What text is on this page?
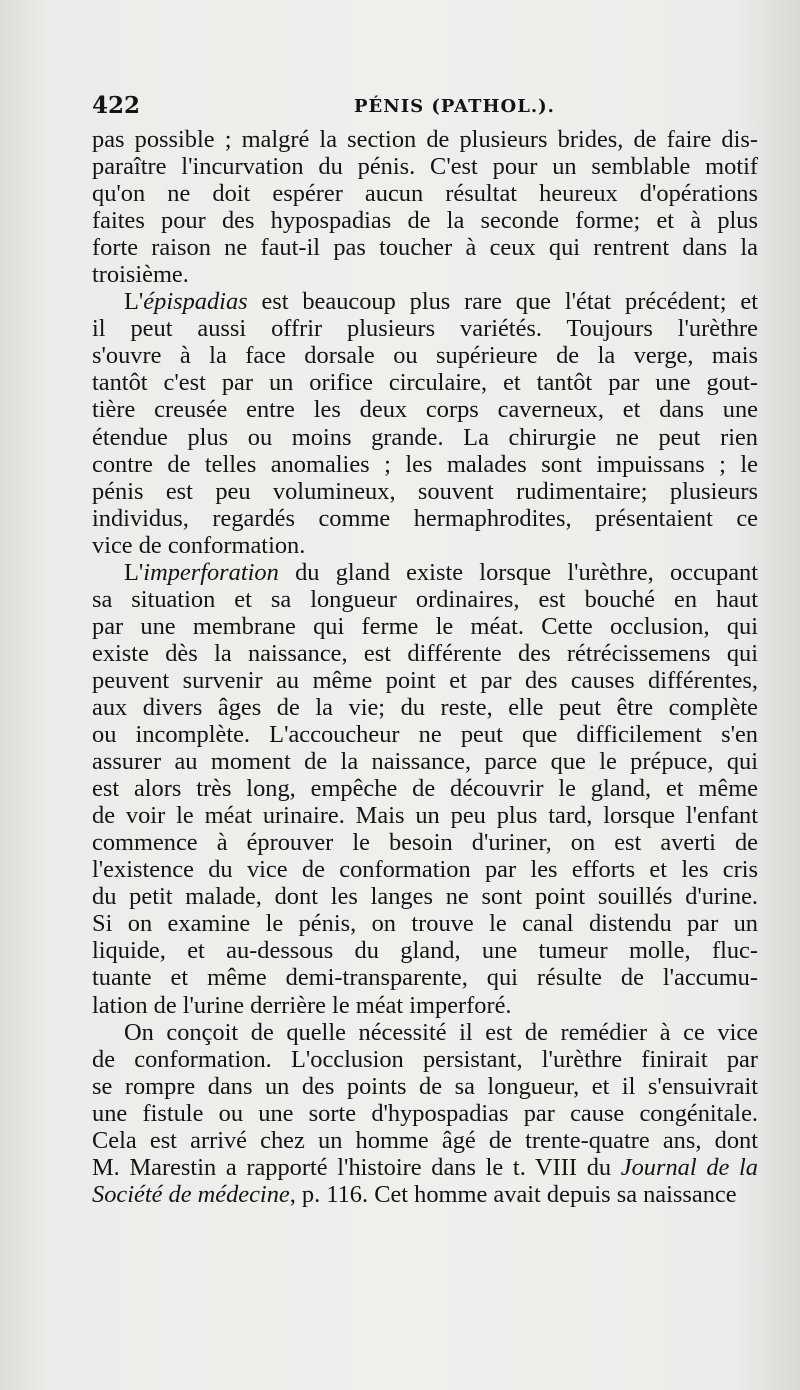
422	PÉNIS (PATHOL.).
pas possible ; malgré la section de plusieurs brides, de faire dis-
paraître l'incurvation du pénis. C'est pour un semblable motif
qu'on ne doit espérer aucun résultat heureux d'opérations
faites pour des hypospadias de la seconde forme; et à plus
forte raison ne faut-il pas toucher à ceux qui rentrent dans la
troisième.
L'épispadias est beaucoup plus rare que l'état précédent; et
il peut aussi offrir plusieurs variétés. Toujours l'urèthre
s'ouvre à la face dorsale ou supérieure de la verge, mais
tantôt c'est par un orifice circulaire, et tantôt par une gout-
tière creusée entre les deux corps caverneux, et dans une
étendue plus ou moins grande. La chirurgie ne peut rien
contre de telles anomalies ; les malades sont impuissans ; le
pénis est peu volumineux, souvent rudimentaire; plusieurs
individus, regardés comme hermaphrodites, présentaient ce
vice de conformation.
L'imperforation du gland existe lorsque l'urèthre, occupant
sa situation et sa longueur ordinaires, est bouché en haut
par une membrane qui ferme le méat. Cette occlusion, qui
existe dès la naissance, est différente des rétrécissemens qui
peuvent survenir au même point et par des causes différentes,
aux divers âges de la vie; du reste, elle peut être complète
ou incomplète. L'accoucheur ne peut que difficilement s'en
assurer au moment de la naissance, parce que le prépuce, qui
est alors très long, empêche de découvrir le gland, et même
de voir le méat urinaire. Mais un peu plus tard, lorsque l'enfant
commence à éprouver le besoin d'uriner, on est averti de
l'existence du vice de conformation par les efforts et les cris
du petit malade, dont les langes ne sont point souillés d'urine.
Si on examine le pénis, on trouve le canal distendu par un
liquide, et au-dessous du gland, une tumeur molle, fluc-
tuante et même demi-transparente, qui résulte de l'accumu-
lation de l'urine derrière le méat imperforé.
On conçoit de quelle nécessité il est de remédier à ce vice
de conformation. L'occlusion persistant, l'urèthre finirait par
se rompre dans un des points de sa longueur, et il s'ensuivrait
une fistule ou une sorte d'hypospadias par cause congénitale.
Cela est arrivé chez un homme âgé de trente-quatre ans, dont
M. Marestin a rapporté l'histoire dans le t. VIII du Journal de la
Société de médecine, p. 116. Cet homme avait depuis sa naissance
